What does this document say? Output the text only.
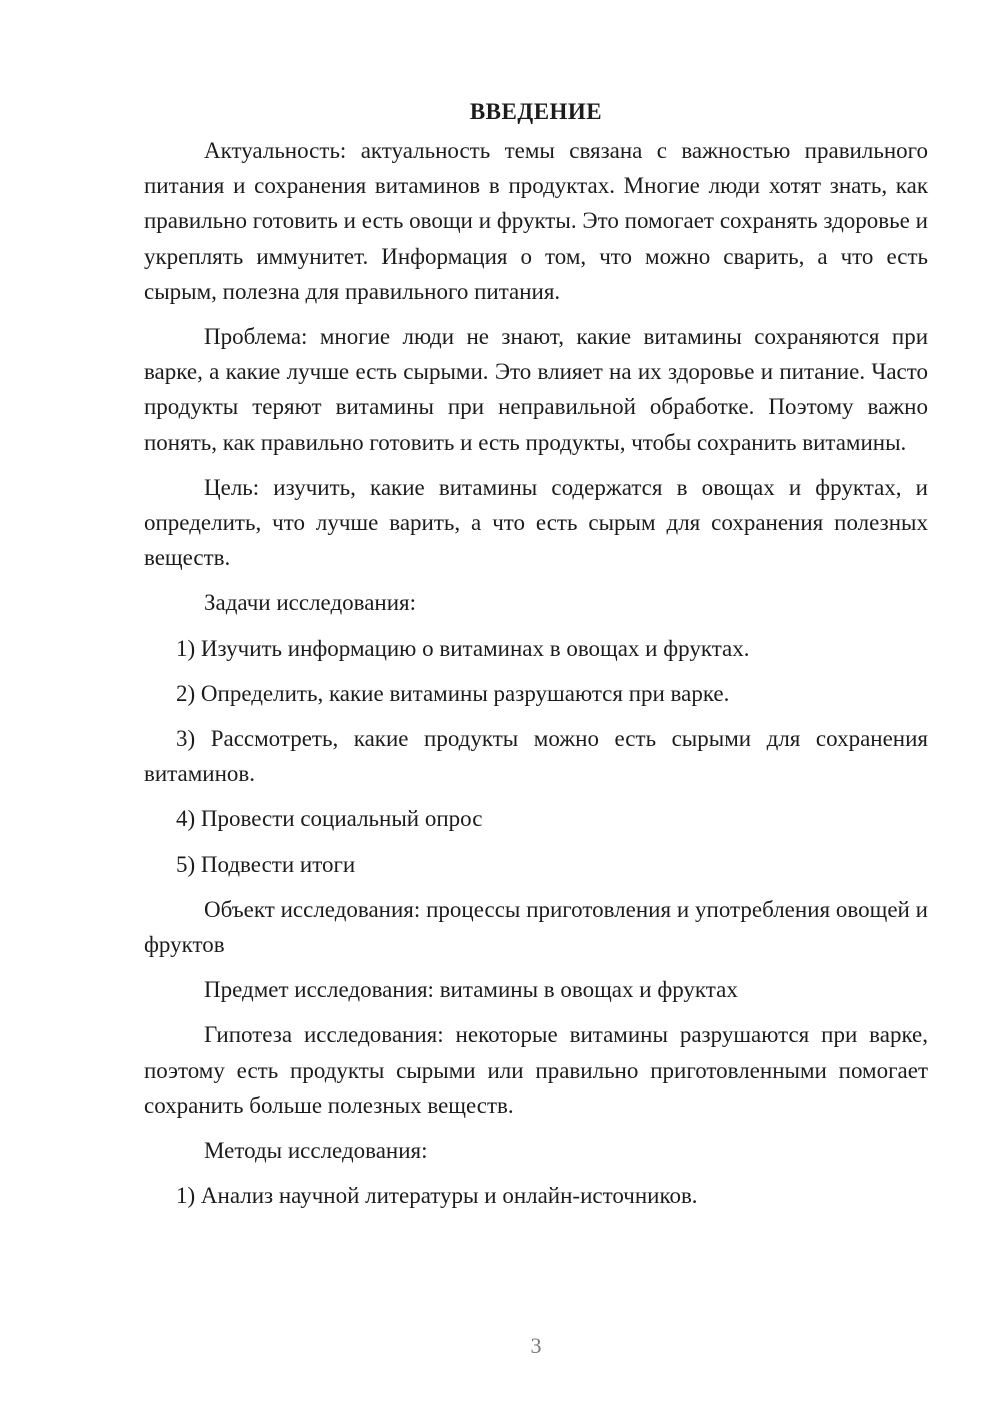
ВВЕДЕНИЕ

Актуальность: актуальность темы связана с важностью правильного питания и сохранения витаминов в продуктах. Многие люди хотят знать, как правильно готовить и есть овощи и фрукты. Это помогает сохранять здоровье и укреплять иммунитет. Информация о том, что можно сварить, а что есть сырым, полезна для правильного питания.

Проблема: многие люди не знают, какие витамины сохраняются при варке, а какие лучше есть сырыми. Это влияет на их здоровье и питание. Часто продукты теряют витамины при неправильной обработке. Поэтому важно понять, как правильно готовить и есть продукты, чтобы сохранить витамины.

Цель: изучить, какие витамины содержатся в овощах и фруктах, и определить, что лучше варить, а что есть сырым для сохранения полезных веществ.

Задачи исследования:

1) Изучить информацию о витаминах в овощах и фруктах.

2) Определить, какие витамины разрушаются при варке.

3) Рассмотреть, какие продукты можно есть сырыми для сохранения витаминов.

4) Провести социальный опрос

5) Подвести итоги

Объект исследования: процессы приготовления и употребления овощей и фруктов

Предмет исследования: витамины в овощах и фруктах

Гипотеза исследования: некоторые витамины разрушаются при варке, поэтому есть продукты сырыми или правильно приготовленными помогает сохранить больше полезных веществ.

Методы исследования:

1) Анализ научной литературы и онлайн-источников.

3
